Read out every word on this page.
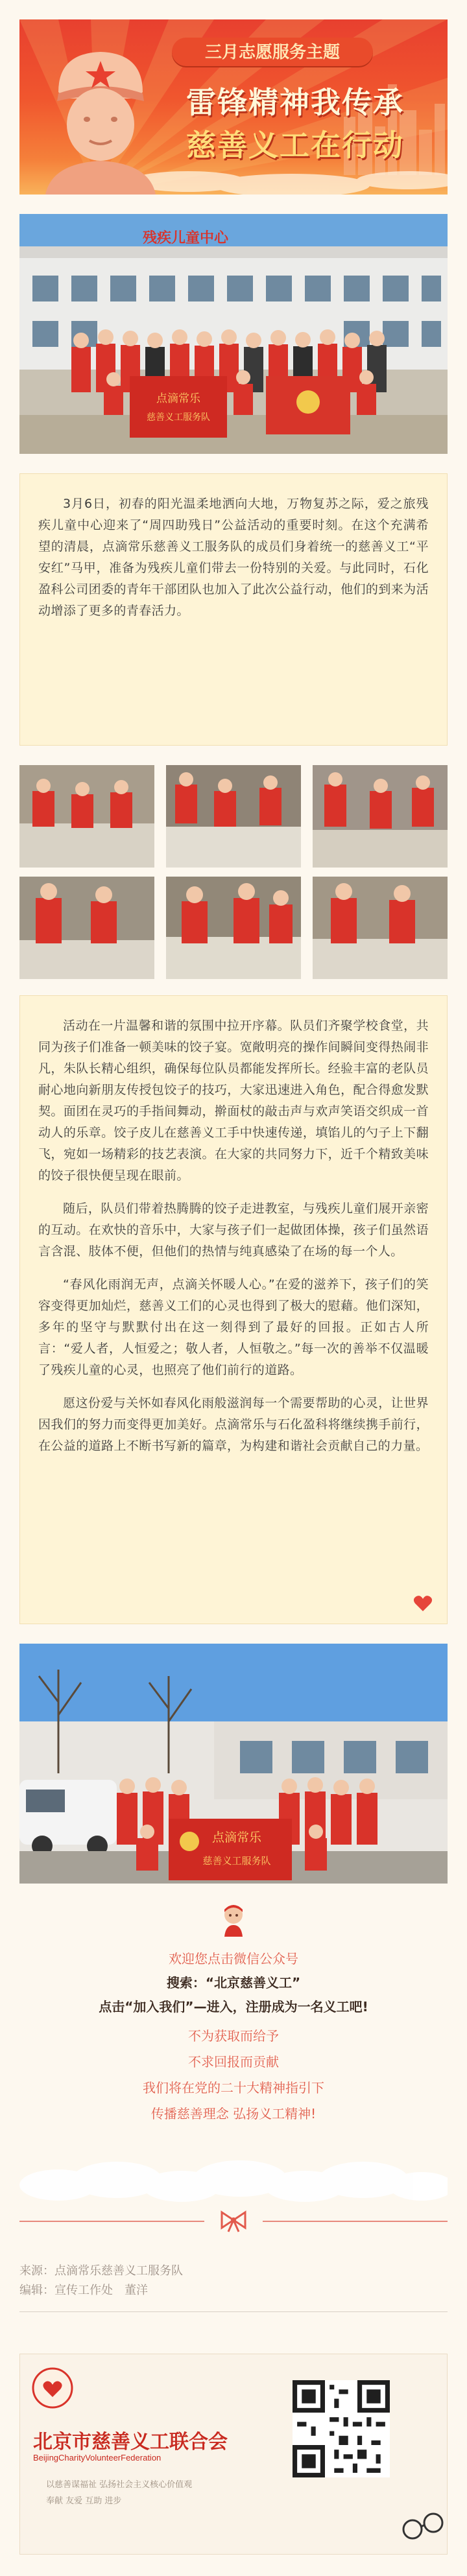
三月志愿服务主题
雷锋精神我传承
慈善义工在行动
残疾儿童中心
点滴常乐
慈善义工服务队

3月6日，初春的阳光温柔地洒向大地，万物复苏之际，爱之旅残疾儿童中心迎来了“周四助残日”公益活动的重要时刻。在这个充满希望的清晨，点滴常乐慈善义工服务队的成员们身着统一的慈善义工“平安红”马甲，准备为残疾儿童们带去一份特别的关爱。与此同时，石化盈科公司团委的青年干部团队也加入了此次公益行动，他们的到来为活动增添了更多的青春活力。

活动在一片温馨和谐的氛围中拉开序幕。队员们齐聚学校食堂，共同为孩子们准备一顿美味的饺子宴。宽敞明亮的操作间瞬间变得热闹非凡，朱队长精心组织，确保每位队员都能发挥所长。经验丰富的老队员耐心地向新朋友传授包饺子的技巧，大家迅速进入角色，配合得愈发默契。面团在灵巧的手指间舞动，擀面杖的敲击声与欢声笑语交织成一首动人的乐章。饺子皮儿在慈善义工手中快速传递，填馅儿的勺子上下翻飞，宛如一场精彩的技艺表演。在大家的共同努力下，近千个精致美味的饺子很快便呈现在眼前。

随后，队员们带着热腾腾的饺子走进教室，与残疾儿童们展开亲密的互动。在欢快的音乐中，大家与孩子们一起做团体操，孩子们虽然语言含混、肢体不便，但他们的热情与纯真感染了在场的每一个人。

“春风化雨润无声，点滴关怀暖人心。”在爱的滋养下，孩子们的笑容变得更加灿烂，慈善义工们的心灵也得到了极大的慰藉。他们深知，多年的坚守与默默付出在这一刻得到了最好的回报。正如古人所言：“爱人者，人恒爱之；敬人者，人恒敬之。”每一次的善举不仅温暖了残疾儿童的心灵，也照亮了他们前行的道路。

愿这份爱与关怀如春风化雨般滋润每一个需要帮助的心灵，让世界因我们的努力而变得更加美好。点滴常乐与石化盈科将继续携手前行，在公益的道路上不断书写新的篇章，为构建和谐社会贡献自己的力量。

点滴常乐
慈善义工服务队
欢迎您点击微信公众号
搜索：“北京慈善义工”
点击“加入我们”—进入，注册成为一名义工吧!
不为获取而给予
不求回报而贡献
我们将在党的二十大精神指引下
传播慈善理念 弘扬义工精神!
来源：点滴常乐慈善义工服务队
编辑：宣传工作处　董洋
北京市慈善义工联合会
BeijingCharityVolunteerFederation
以慈善谋福祉 弘扬社会主义核心价值观
奉献 友爱 互助 进步
